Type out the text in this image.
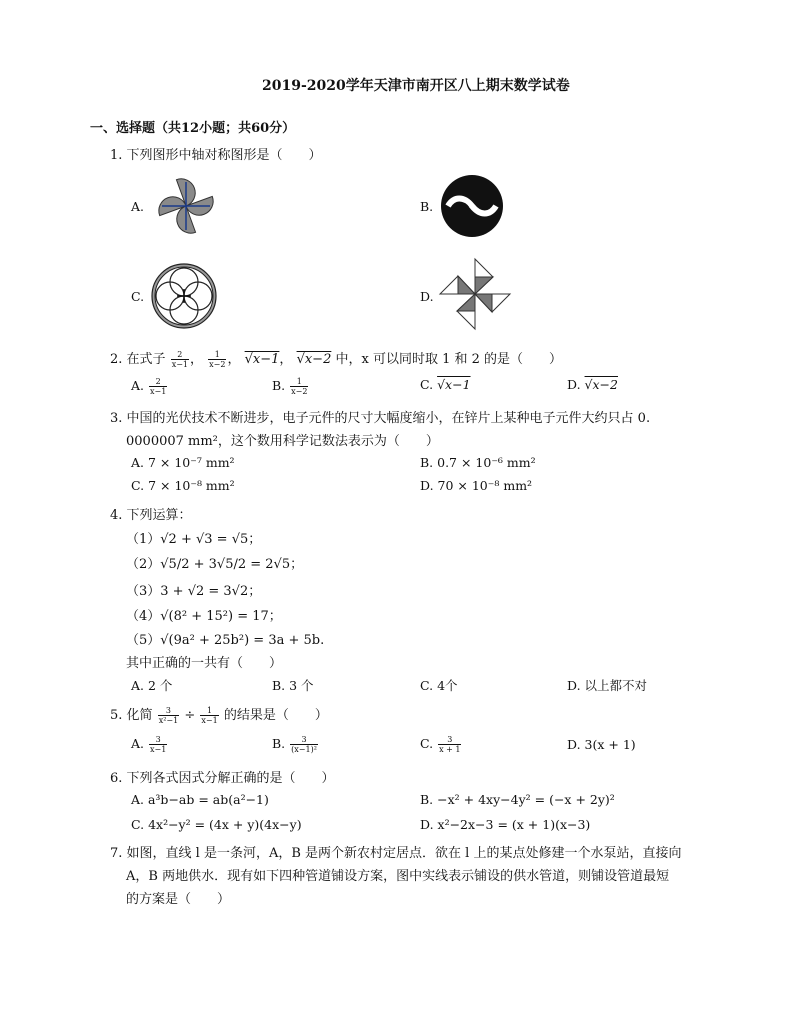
2019-2020学年天津市南开区八上期末数学试卷
一、选择题（共12小题；共60分）
1. 下列图形中轴对称图形是（　　）
A.	B.
C.	D.
2. 在式子 $\frac{2}{x-1}$ ， $\frac{1}{x-2}$ ， √x−1， √x−2 中，x 可以同时取 1 和 2 的是（　　）
A. $\frac{2}{x-1}$	B. $\frac{1}{x-2}$	C. √x−1	D. √x−2
3. 中国的光伏技术不断进步，电子元件的尺寸大幅度缩小，在锌片上某种电子元件大约只占 0.
0000007 mm²，这个数用科学记数法表示为（　　）
A. 7 × 10⁻⁷ mm²	B. 0.7 × 10⁻⁶ mm²
C. 7 × 10⁻⁸ mm²	D. 70 × 10⁻⁸ mm²
4. 下列运算：
（1）√2 + √3 = √5；
（2）√5/2 + 3√5/2 = 2√5；
（3）3 + √2 = 3√2；
（4）√(8² + 15²) = 17；
（5）√(9a² + 25b²) = 3a + 5b.
其中正确的一共有（　　）
A. 2 个	B. 3 个	C. 4个	D. 以上都不对
5. 化简 $\frac{3}{\text{x²−1}} \div \frac{1}{x-1}$ 的结果是（　　）
A. $\frac{3}{x-1}$	B. $\frac{3}{\text{(x−1)²}}$	C. $\frac{3}{x + 1}$	D. 3(x + 1)
6. 下列各式因式分解正确的是（　　）
A. a³b−ab = ab(a²−1)	B. −x² + 4xy−4y² = (−x + 2y)²
C. 4x²−y² = (4x + y)(4x−y)	D. x²−2x−3 = (x + 1)(x−3)
7. 如图，直线 l 是一条河，A，B 是两个新农村定居点．欲在 l 上的某点处修建一个水泵站，直接向
A，B 两地供水．现有如下四种管道铺设方案，图中实线表示铺设的供水管道，则铺设管道最短
的方案是（　　）
